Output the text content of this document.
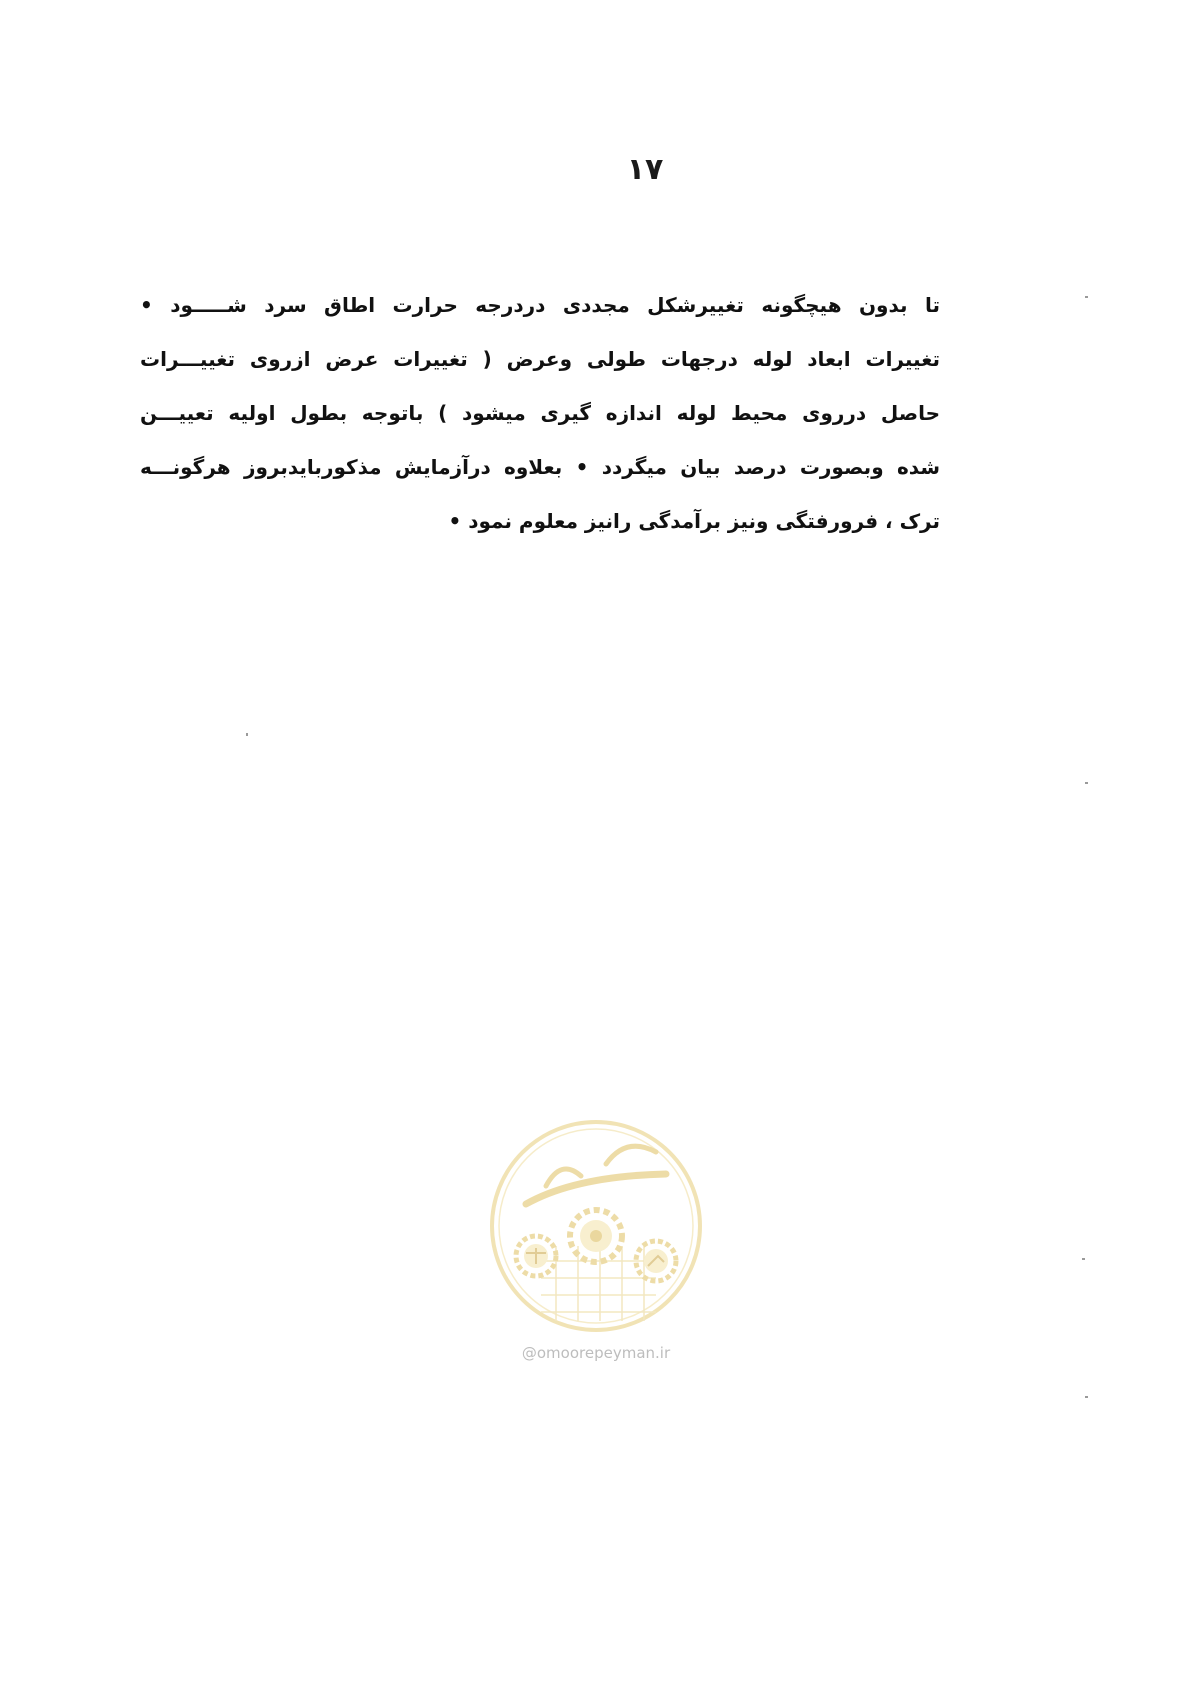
۱۷
تا بدون هیچگونه تغییرشکل مجددی دردرجه حرارت اطاق سرد شـــــود •
تغییرات ابعاد لوله درجهات طولی وعرض ( تغییرات عرض ازروی تغییـــرات
حاصل درروی محیط لوله اندازه گیری میشود ) باتوجه بطول اولیه تعییـــن
شده وبصورت درصد بیان میگردد • بعلاوه درآزمایش مذکوربایدبروز هرگونـــه
ترک ، فرورفتگی ونیز برآمدگی رانیز معلوم نمود •
@omoorepeyman.ir
